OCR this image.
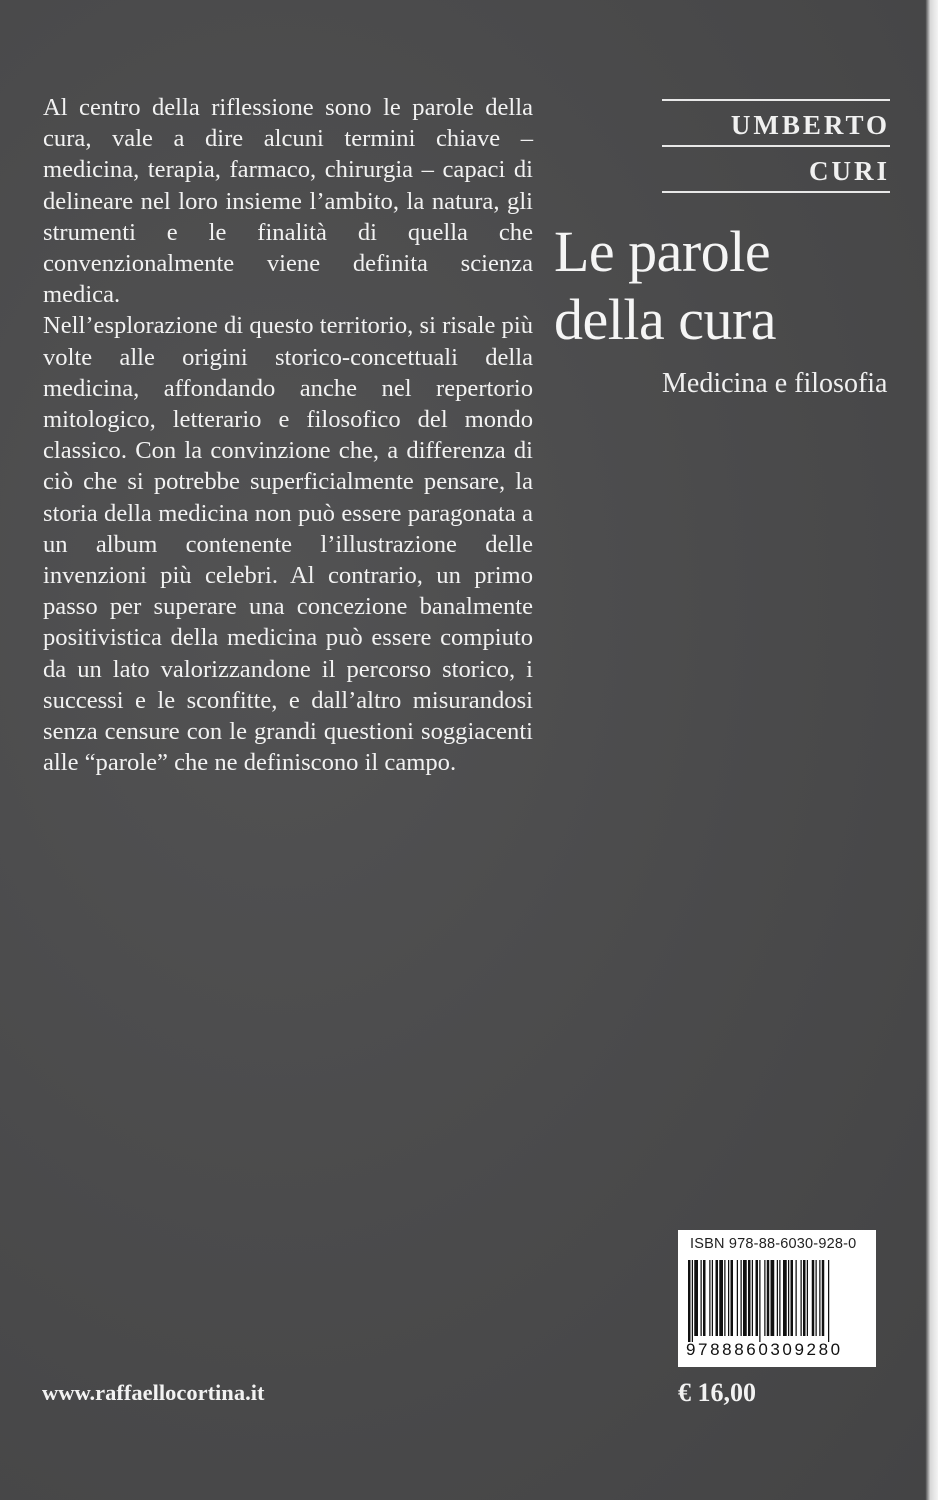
Al centro della riflessione sono le parole della cura, vale a dire alcuni termini chiave – medicina, terapia, farmaco, chirurgia – capaci di delineare nel loro insieme l’ambito, la natura, gli strumenti e le finalità di quella che convenzionalmente viene definita scienza medica.

Nell’esplorazione di questo territorio, si risale più volte alle origini storico-concettuali della medicina, affondando anche nel repertorio mitologico, letterario e filosofico del mondo classico. Con la convinzione che, a differenza di ciò che si potrebbe superficialmente pensare, la storia della medicina non può essere paragonata a un album contenente l’illustrazione delle invenzioni più celebri. Al contrario, un primo passo per superare una concezione banalmente positivistica della medicina può essere compiuto da un lato valorizzandone il percorso storico, i successi e le sconfitte, e dall’altro misurandosi senza censure con le grandi questioni soggiacenti alle “parole” che ne definiscono il campo.

UMBERTO
CURI
Le parole
della cura
Medicina e filosofia
ISBN 978-88-6030-928-0
9788860309280
www.raffaellocortina.it	€ 16,00
